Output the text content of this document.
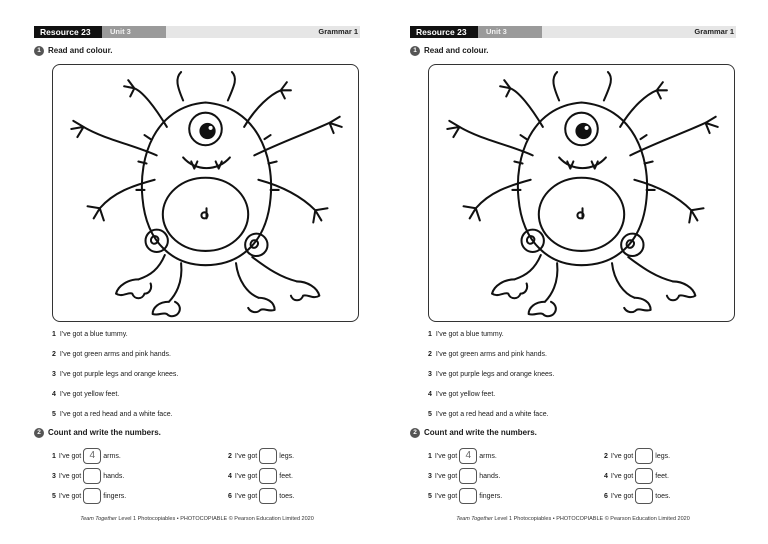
Resource 23	Unit 3	Grammar 1
1 Read and colour.
1 I've got a blue tummy.
2 I've got green arms and pink hands.
3 I've got purple legs and orange knees.
4 I've got yellow feet.
5 I've got a red head and a white face.
2 Count and write the numbers.
1 I've got 4 arms.	2 I've got	legs.
3 I've got	hands.	4 I've got	feet.
5 I've got	fingers.	6 I've got	toes.
Team Together Level 1 Photocopiables • PHOTOCOPIABLE © Pearson Education Limited 2020
Resource 23	Unit 3	Grammar 1
1 Read and colour.
1 I've got a blue tummy.
2 I've got green arms and pink hands.
3 I've got purple legs and orange knees.
4 I've got yellow feet.
5 I've got a red head and a white face.
2 Count and write the numbers.
1 I've got 4 arms.	2 I've got	legs.
3 I've got	hands.	4 I've got	feet.
5 I've got	fingers.	6 I've got	toes.
Team Together Level 1 Photocopiables • PHOTOCOPIABLE © Pearson Education Limited 2020
